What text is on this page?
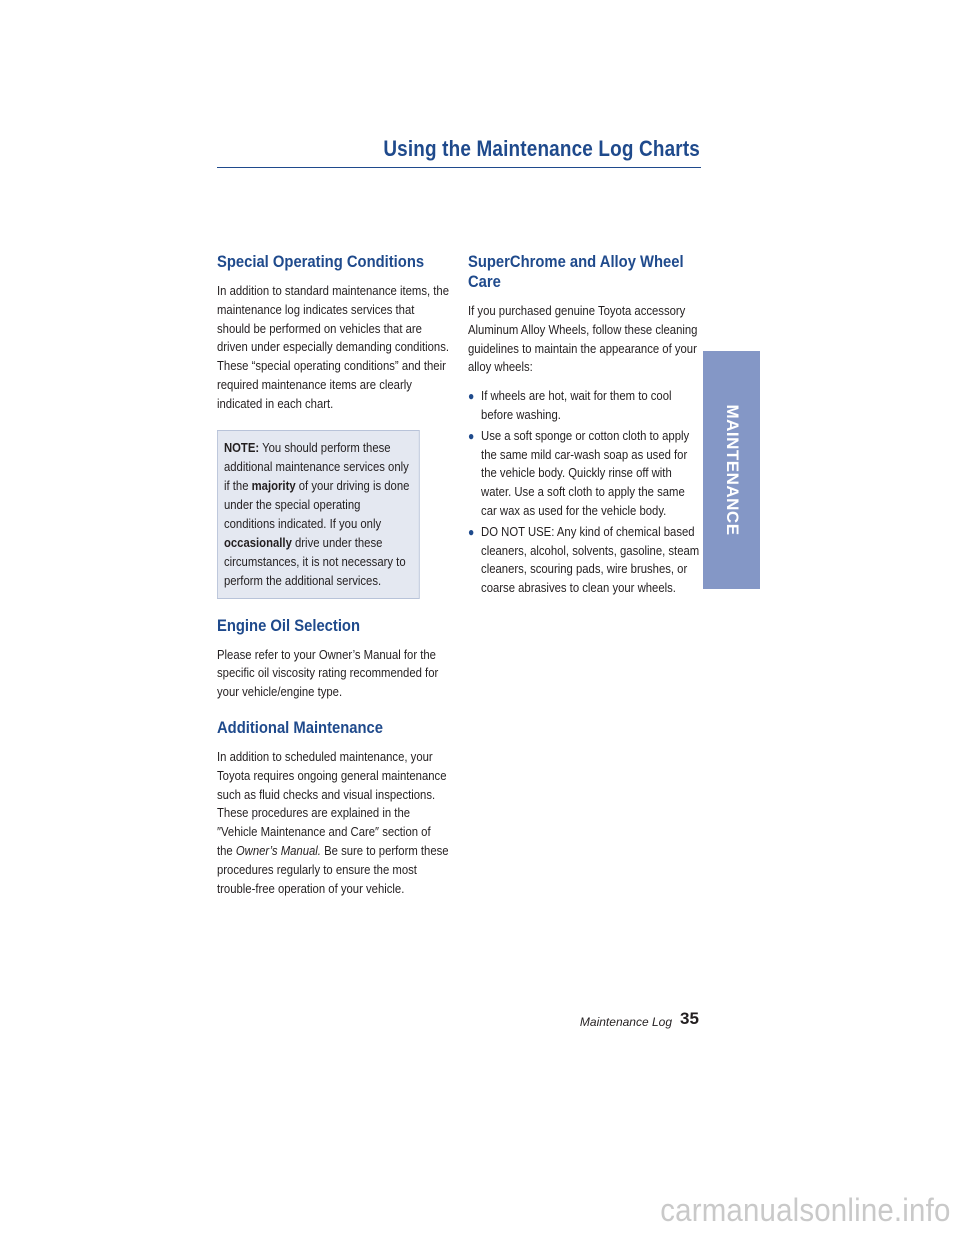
Using the Maintenance Log Charts
Special Operating Conditions

In addition to standard maintenance items, the maintenance log indicates services that should be performed on vehicles that are driven under especially demanding conditions. These “special operating conditions” and their required maintenance items are clearly indicated in each chart.

NOTE: You should perform these additional maintenance services only if the majority of your driving is done under the special operating conditions indicated. If you only occasionally drive under these circumstances, it is not necessary to perform the additional services.

Engine Oil Selection

Please refer to your Owner’s Manual for the specific oil viscosity rating recommended for your vehicle/engine type.

Additional Maintenance

In addition to scheduled maintenance, your Toyota requires ongoing general maintenance such as fluid checks and visual inspections. These procedures are explained in the ″Vehicle Maintenance and Care″ section of the Owner’s Manual. Be sure to perform these procedures regularly to ensure the most trouble-free operation of your vehicle.

SuperChrome and Alloy Wheel Care

If you purchased genuine Toyota accessory Aluminum Alloy Wheels, follow these cleaning guidelines to maintain the appearance of your alloy wheels:

● If wheels are hot, wait for them to cool before washing.

● Use a soft sponge or cotton cloth to apply the same mild car-wash soap as used for the vehicle body. Quickly rinse off with water. Use a soft cloth to apply the same car wax as used for the vehicle body.

● DO NOT USE: Any kind of chemical based cleaners, alcohol, solvents, gasoline, steam cleaners, scouring pads, wire brushes, or coarse abrasives to clean your wheels.

MAINTENANCE
Maintenance Log 35
carmanualsonline.info
